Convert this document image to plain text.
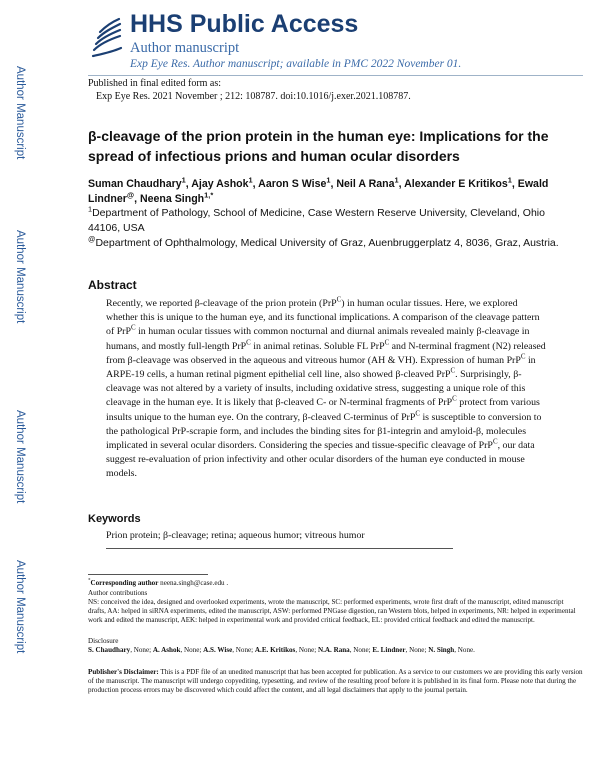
Author Manuscript
Author Manuscript
Author Manuscript
Author Manuscript
HHS Public Access
Author manuscript
Exp Eye Res. Author manuscript; available in PMC 2022 November 01.
Published in final edited form as:
Exp Eye Res. 2021 November ; 212: 108787. doi:10.1016/j.exer.2021.108787.
β-cleavage of the prion protein in the human eye: Implications for the spread of infectious prions and human ocular disorders
Suman Chaudhary$^1$, Ajay Ashok$^1$, Aaron S Wise$^1$, Neil A Rana$^1$, Alexander E Kritikos$^1$, Ewald Lindner@, Neena Singh$^{1,*}$
$^1$Department of Pathology, School of Medicine, Case Western Reserve University, Cleveland, Ohio 44106, USA
@Department of Ophthalmology, Medical University of Graz, Auenbruggerplatz 4, 8036, Graz, Austria.
Abstract
Recently, we reported β-cleavage of the prion protein (PrP$^C$) in human ocular tissues. Here, we explored whether this is unique to the human eye, and its functional implications. A comparison of the cleavage pattern of PrP$^C$ in human ocular tissues with common nocturnal and diurnal animals revealed mainly β-cleavage in humans, and mostly full-length PrP$^C$ in animal retinas. Soluble FL PrP$^C$ and N-terminal fragment (N2) released from β-cleavage was observed in the aqueous and vitreous humor (AH & VH). Expression of human PrP$^C$ in ARPE-19 cells, a human retinal pigment epithelial cell line, also showed β-cleaved PrP$^C$. Surprisingly, β-cleavage was not altered by a variety of insults, including oxidative stress, suggesting a unique role of this cleavage in the human eye. It is likely that β-cleaved C- or N-terminal fragments of PrP$^C$ protect from various insults unique to the human eye. On the contrary, β-cleaved C-terminus of PrP$^C$ is susceptible to conversion to the pathological PrP-scrapie form, and includes the binding sites for β1-integrin and amyloid-β, molecules implicated in several ocular disorders. Considering the species and tissue-specific cleavage of PrP$^C$, our data suggest re-evaluation of prion infectivity and other ocular disorders of the human eye conducted in mouse models.
Keywords
Prion protein; β-cleavage; retina; aqueous humor; vitreous humor
*Corresponding author neena.singh@case.edu .
Author contributions
NS: conceived the idea, designed and overlooked experiments, wrote the manuscript, SC: performed experiments, wrote first draft of the manuscript, edited manuscript drafts, AA: helped in siRNA experiments, edited the manuscript, ASW: performed PNGase digestion, ran Western blots, helped in experiments, NR: helped in experimental work and edited the manuscript, AEK: helped in experimental work and provided critical feedback, EL: provided critical feedback and edited the manuscript.
Disclosure
S. Chaudhary, None; A. Ashok, None; A.S. Wise, None; A.E. Kritikos, None; N.A. Rana, None; E. Lindner, None; N. Singh, None.
Publisher's Disclaimer: This is a PDF file of an unedited manuscript that has been accepted for publication. As a service to our customers we are providing this early version of the manuscript. The manuscript will undergo copyediting, typesetting, and review of the resulting proof before it is published in its final form. Please note that during the production process errors may be discovered which could affect the content, and all legal disclaimers that apply to the journal pertain.
